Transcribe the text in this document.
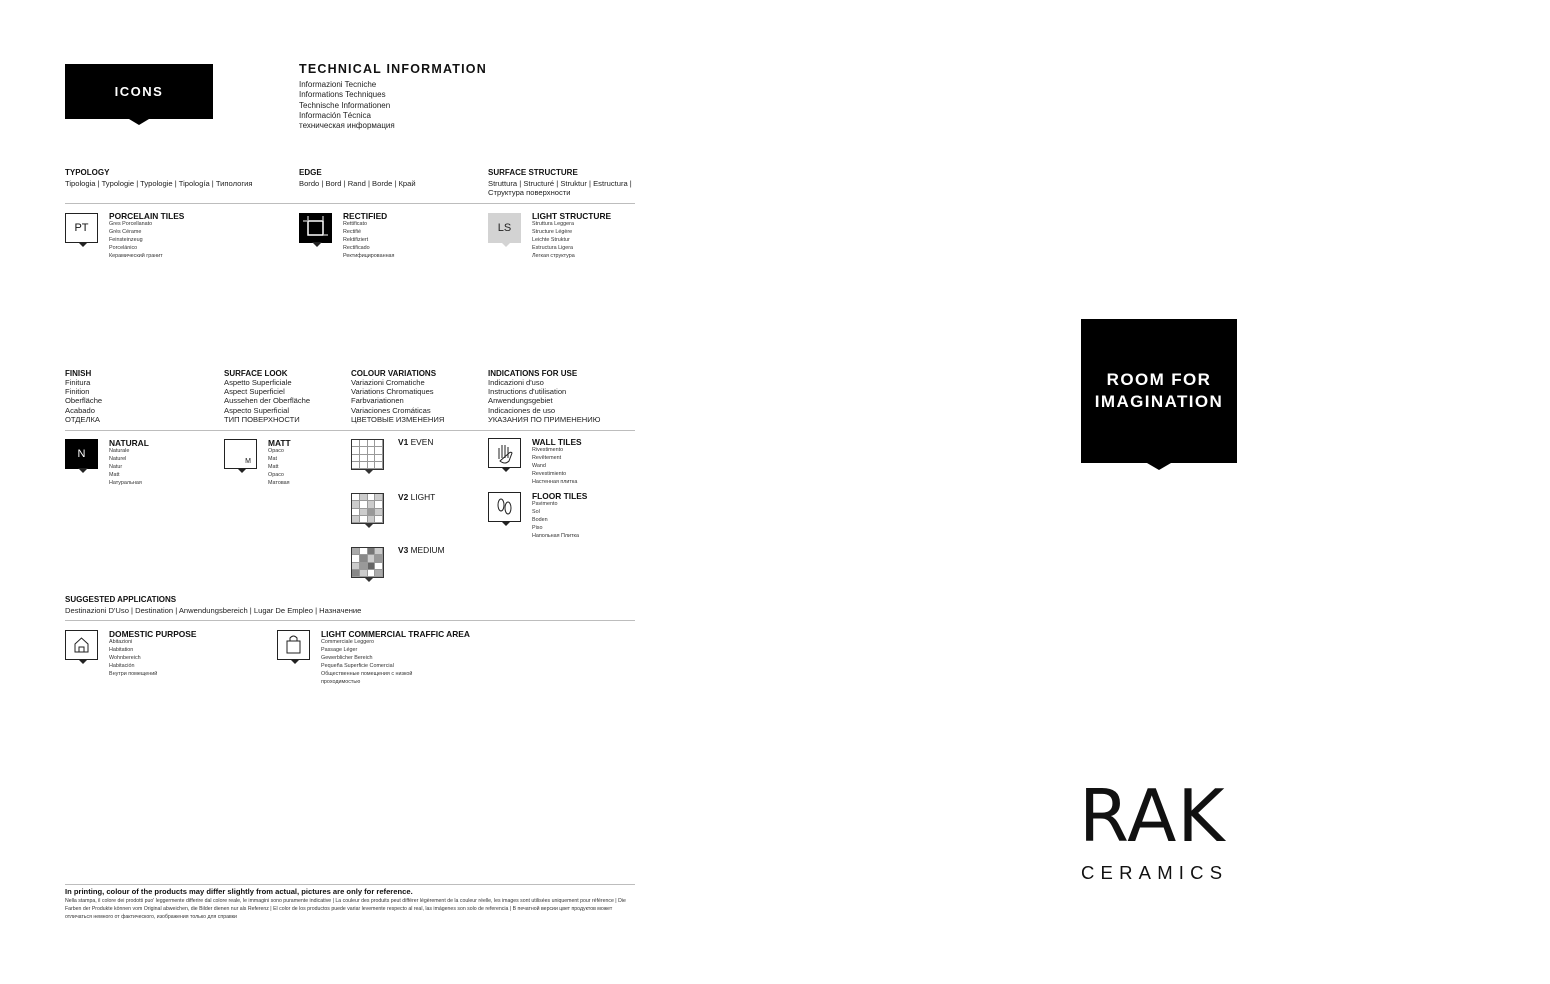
ICONS
TECHNICAL INFORMATION
Informazioni Tecniche
Informations Techniques
Technische Informationen
Información Técnica
техническая информация
TYPOLOGY
Tipologia | Typologie | Typologie | Tipología | Типология
EDGE
Bordo | Bord | Rand | Borde | Край
SURFACE STRUCTURE
Struttura | Structuré | Struktur | Estructura |
Структура поверхности
PT
PORCELAIN TILES
Gres Porcellanato
Grès Cérame
Feinsteinzeug
Porcelánico
Керамический гранит
RECTIFIED
Rettificato
Rectifié
Rektifiziert
Rectificado
Ректифицированная
LS
LIGHT STRUCTURE
Struttura Leggera
Structure Légère
Leichte Struktur
Estructura Ligera
Легкая структура
FINISH
Finitura
Finition
Oberfläche
Acabado
ОТДЕЛКА
SURFACE LOOK
Aspetto Superficiale
Aspect Superficiel
Aussehen der Oberfläche
Aspecto Superficial
ТИП ПОВЕРХНОСТИ
COLOUR VARIATIONS
Variazioni Cromatiche
Variations Chromatiques
Farbvariationen
Variaciones Cromáticas
ЦВЕТОВЫЕ ИЗМЕНЕНИЯ
INDICATIONS FOR USE
Indicazioni d'uso
Instructions d'utilisation
Anwendungsgebiet
Indicaciones de uso
УКАЗАНИЯ ПО ПРИМЕНЕНИЮ
N
NATURAL
Naturale
Naturel
Natur
Matt
Натуральная
M
MATT
Opaco
Mat
Matt
Opaco
Матовая
V1 EVEN
V2 LIGHT
V3 MEDIUM
WALL TILES
Rivestimento
Revêtement
Wand
Revestimiento
Настенная плитка
FLOOR TILES
Pavimento
Sol
Boden
Piso
Напольная Плитка
SUGGESTED APPLICATIONS
Destinazioni D'Uso | Destination | Anwendungsbereich | Lugar De Empleo | Назначение
DOMESTIC PURPOSE
Abitazioni
Habitation
Wohnbereich
Habitación
Внутри помещений
LIGHT COMMERCIAL TRAFFIC AREA
Commerciale Leggero
Passage Léger
Gewerblicher Bereich
Pequeña Superficie Comercial
Общественные помещения с низкой
проходимостью
ROOM FOR
IMAGINATION
RAK
CERAMICS
In printing, colour of the products may differ slightly from actual, pictures are only for reference.
Nella stampa, il colore dei prodotti puo' leggermente differire dal colore reale, le immagini sono puramente indicative | La couleur des produits peut différer légèrement de la couleur réelle, les images sont utilisées uniquement pour référence | Die Farben der Produkte können vom Original abweichen, die Bilder dienen nur als Referenz | El color de los productos puede variar levemente respecto al real, las imágenes son solo de referencia | В печатной версии цвет продуктов может отличаться немного от фактического, изображения только для справки
